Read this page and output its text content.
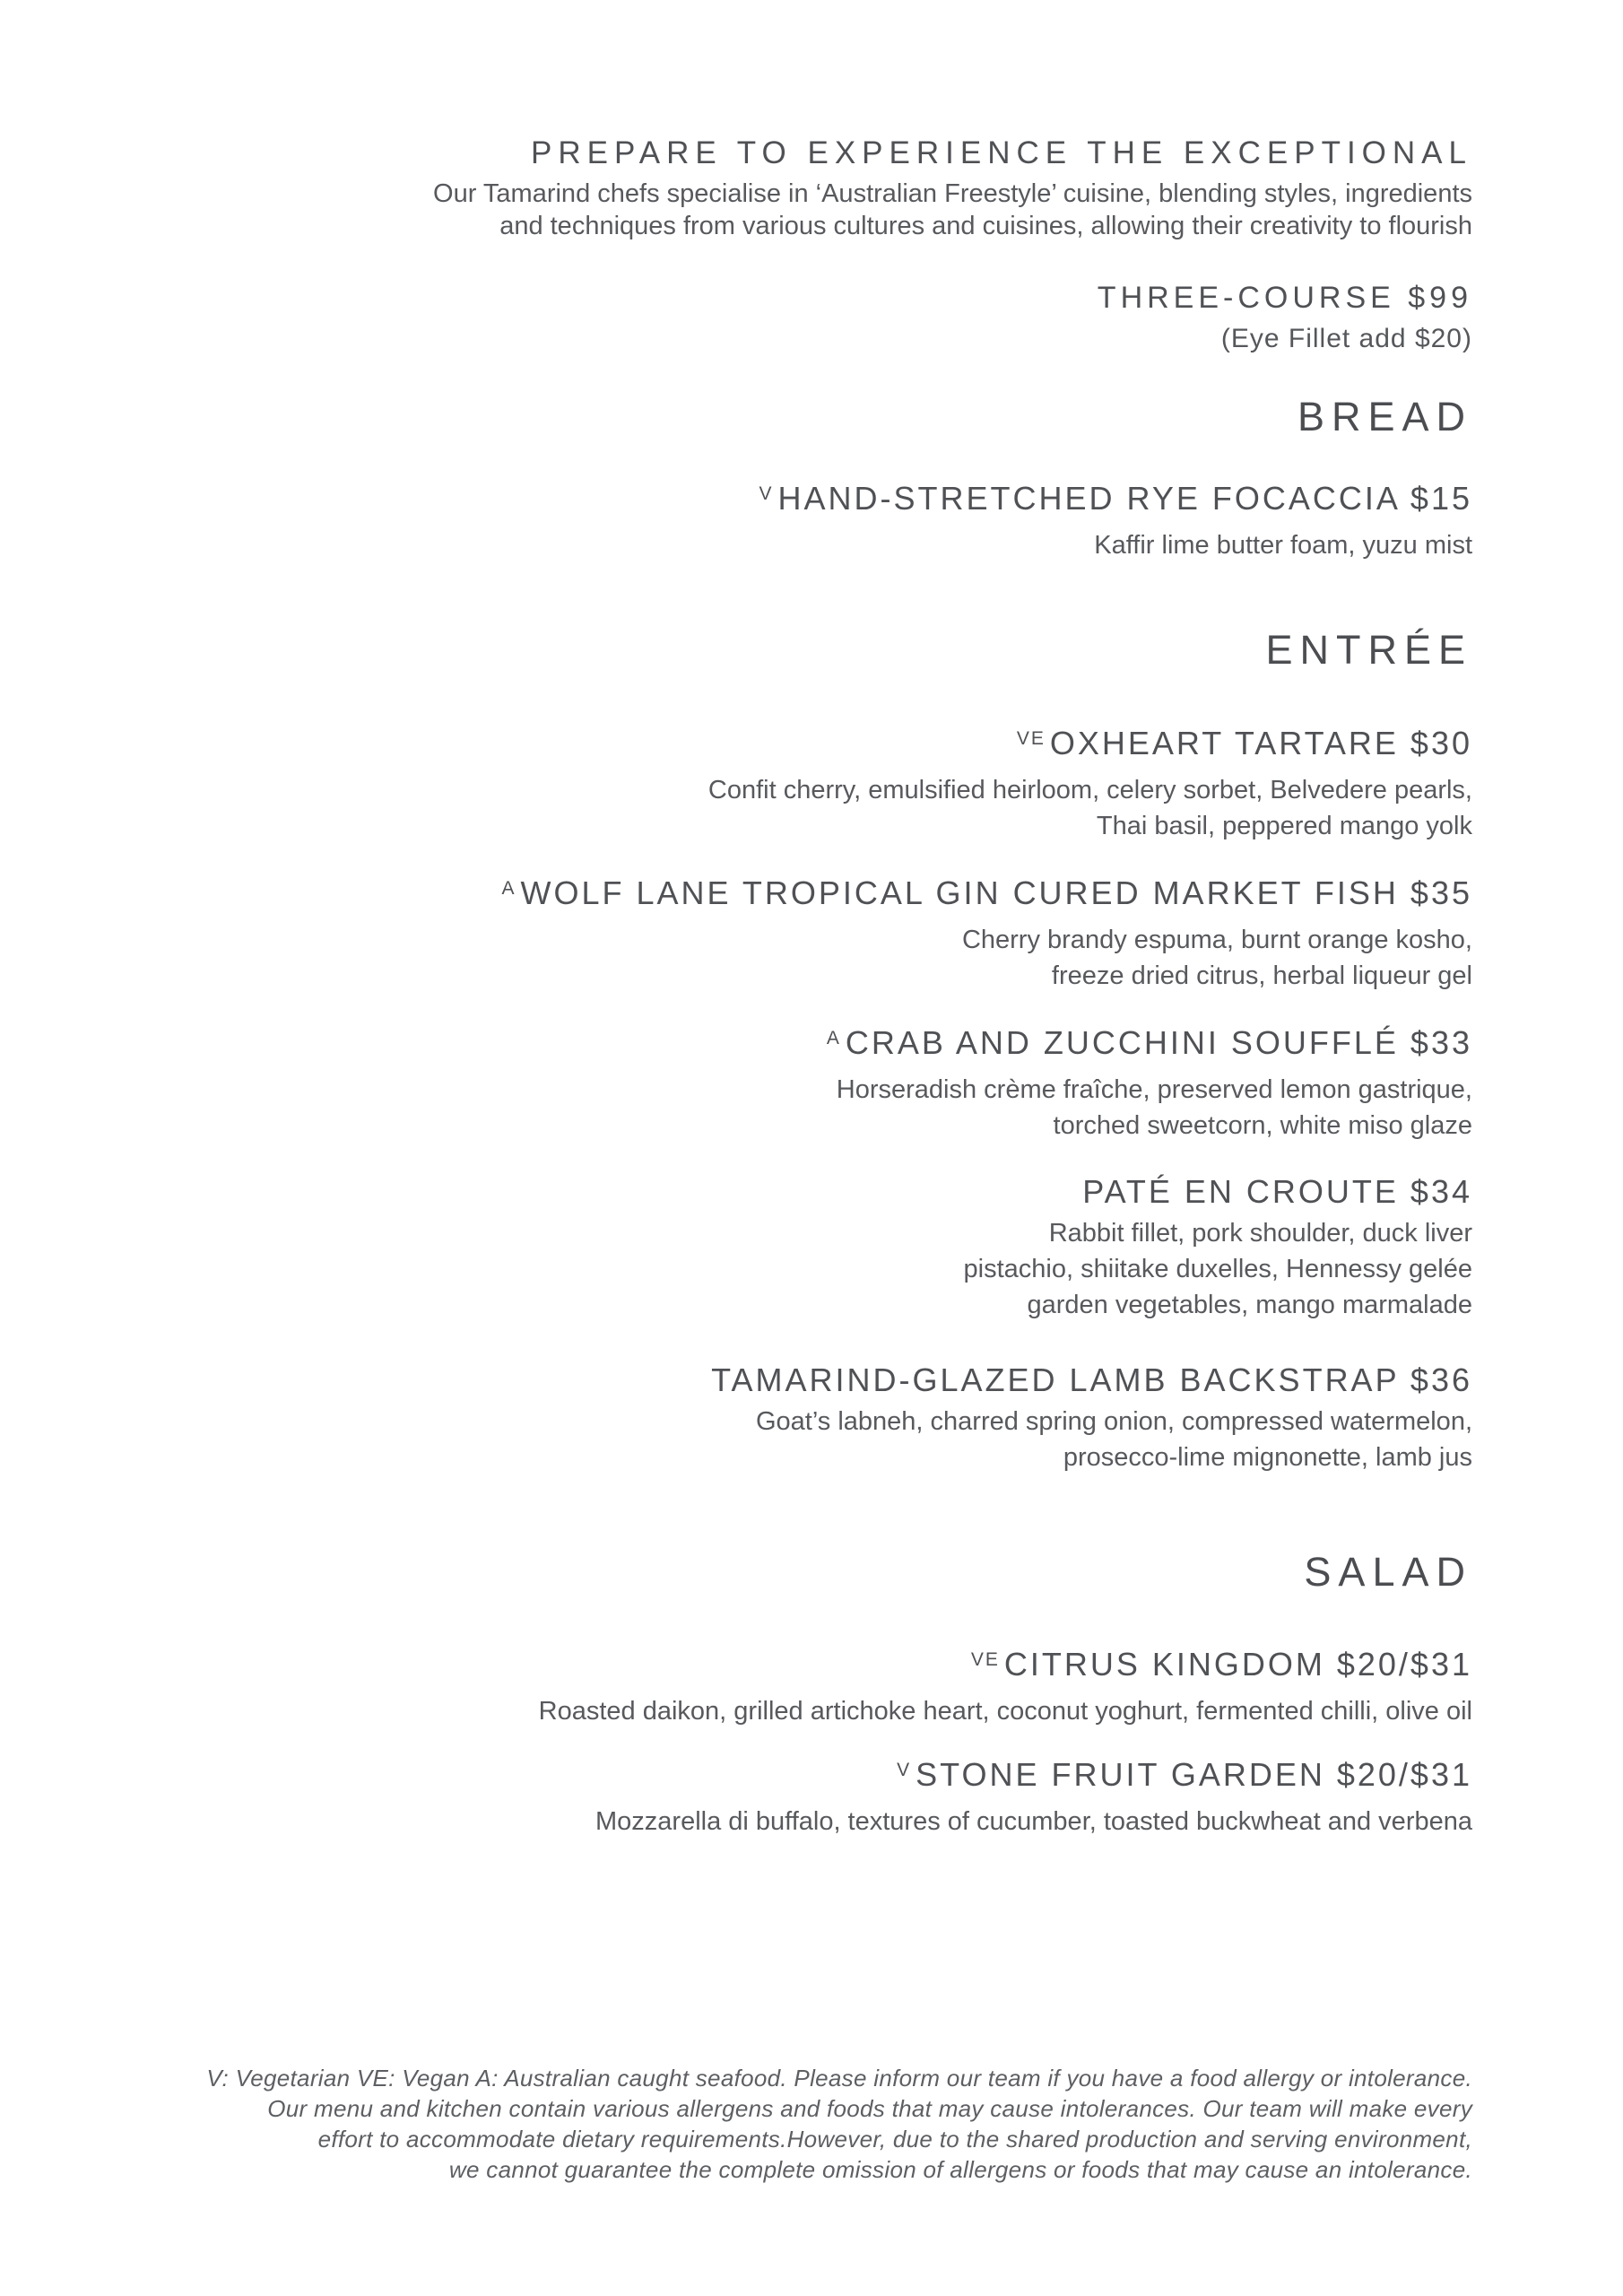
PREPARE TO EXPERIENCE THE EXCEPTIONAL
Our Tamarind chefs specialise in ‘Australian Freestyle’ cuisine, blending styles, ingredients
and techniques from various cultures and cuisines, allowing their creativity to flourish
THREE-COURSE $99
(Eye Fillet add $20)
BREAD
$^V$ HAND-STRETCHED RYE FOCACCIA $15
Kaffir lime butter foam, yuzu mist
ENTRÉE
$^{VE}$ OXHEART TARTARE $30
Confit cherry, emulsified heirloom, celery sorbet, Belvedere pearls,
Thai basil, peppered mango yolk
$^A$ WOLF LANE TROPICAL GIN CURED MARKET FISH $35
Cherry brandy espuma, burnt orange kosho,
freeze dried citrus, herbal liqueur gel
$^A$ CRAB AND ZUCCHINI SOUFFLÉ $33
Horseradish crème fraîche, preserved lemon gastrique,
torched sweetcorn, white miso glaze
PATÉ EN CROUTE $34
Rabbit fillet, pork shoulder, duck liver
pistachio, shiitake duxelles, Hennessy gelée
garden vegetables, mango marmalade
TAMARIND-GLAZED LAMB BACKSTRAP $36
Goat’s labneh, charred spring onion, compressed watermelon,
prosecco-lime mignonette, lamb jus
SALAD
$^{VE}$ CITRUS KINGDOM $20/$31
Roasted daikon, grilled artichoke heart, coconut yoghurt, fermented chilli, olive oil
$^V$ STONE FRUIT GARDEN $20/$31
Mozzarella di buffalo, textures of cucumber, toasted buckwheat and verbena
V: Vegetarian VE: Vegan A: Australian caught seafood. Please inform our team if you have a food allergy or intolerance.
Our menu and kitchen contain various allergens and foods that may cause intolerances. Our team will make every
effort to accommodate dietary requirements.However, due to the shared production and serving environment,
we cannot guarantee the complete omission of allergens or foods that may cause an intolerance.
